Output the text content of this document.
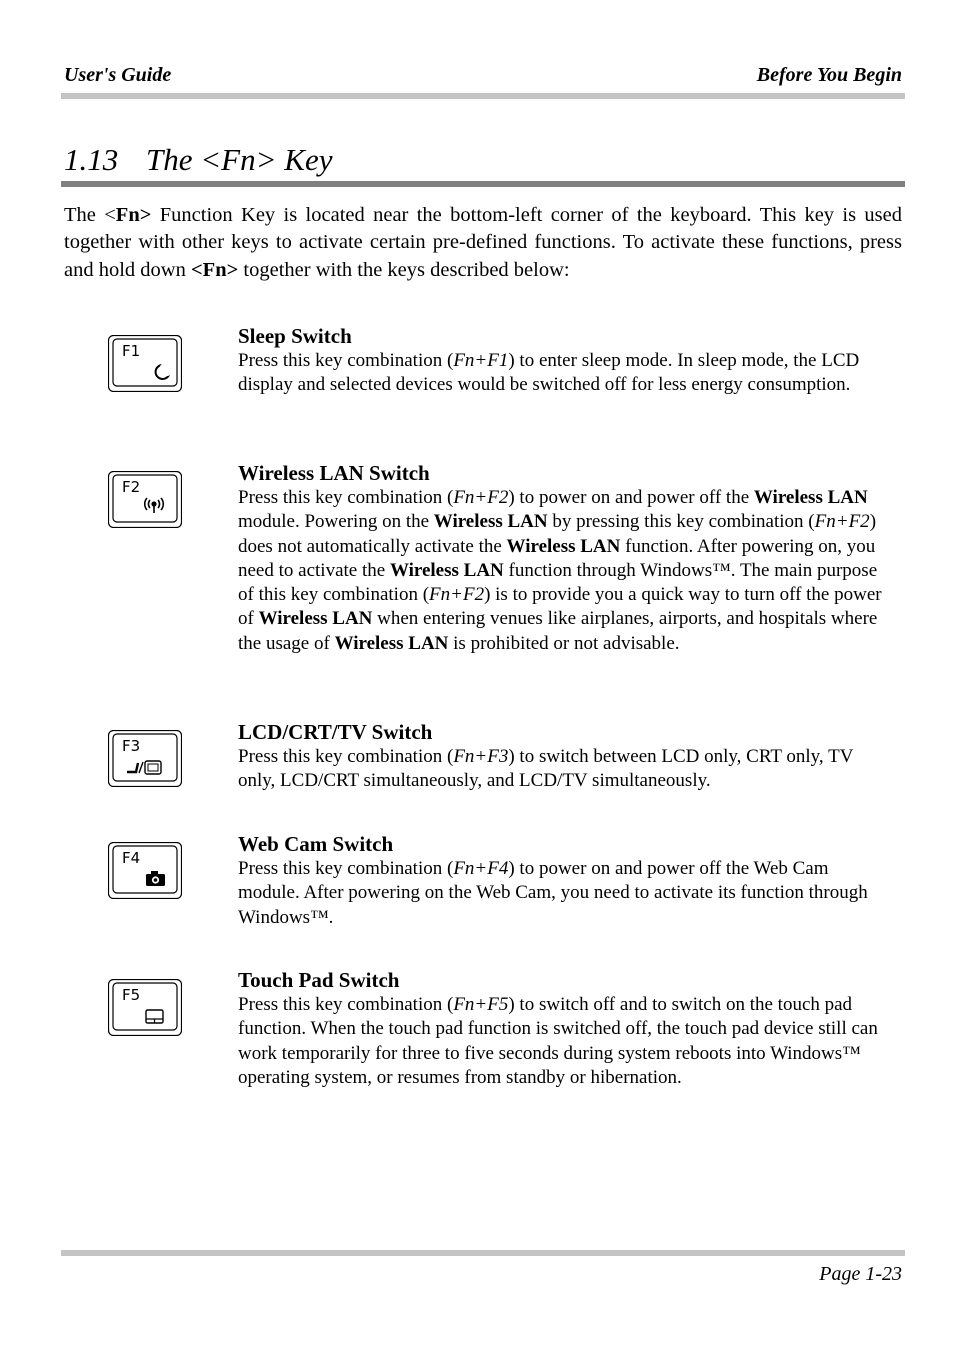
User's Guide	Before You Begin
1.13 The <Fn> Key
The <Fn> Function Key is located near the bottom-left corner of the keyboard. This key is used together with other keys to activate certain pre-defined functions. To activate these functions, press and hold down <Fn> together with the keys described below:
F1
Sleep Switch
Press this key combination (Fn+F1) to enter sleep mode. In sleep mode, the LCD display and selected devices would be switched off for less energy consumption.
F2
Wireless LAN Switch
Press this key combination (Fn+F2) to power on and power off the Wireless LAN module. Powering on the Wireless LAN by pressing this key combination (Fn+F2) does not automatically activate the Wireless LAN function. After powering on, you need to activate the Wireless LAN function through Windows™. The main purpose of this key combination (Fn+F2) is to provide you a quick way to turn off the power of Wireless LAN when entering venues like airplanes, airports, and hospitals where the usage of Wireless LAN is prohibited or not advisable.
F3
LCD/CRT/TV Switch
Press this key combination (Fn+F3) to switch between LCD only, CRT only, TV only, LCD/CRT simultaneously, and LCD/TV simultaneously.
F4
Web Cam Switch
Press this key combination (Fn+F4) to power on and power off the Web Cam module. After powering on the Web Cam, you need to activate its function through Windows™.
F5
Touch Pad Switch
Press this key combination (Fn+F5) to switch off and to switch on the touch pad function. When the touch pad function is switched off, the touch pad device still can work temporarily for three to five seconds during system reboots into Windows™ operating system, or resumes from standby or hibernation.
Page 1-23
